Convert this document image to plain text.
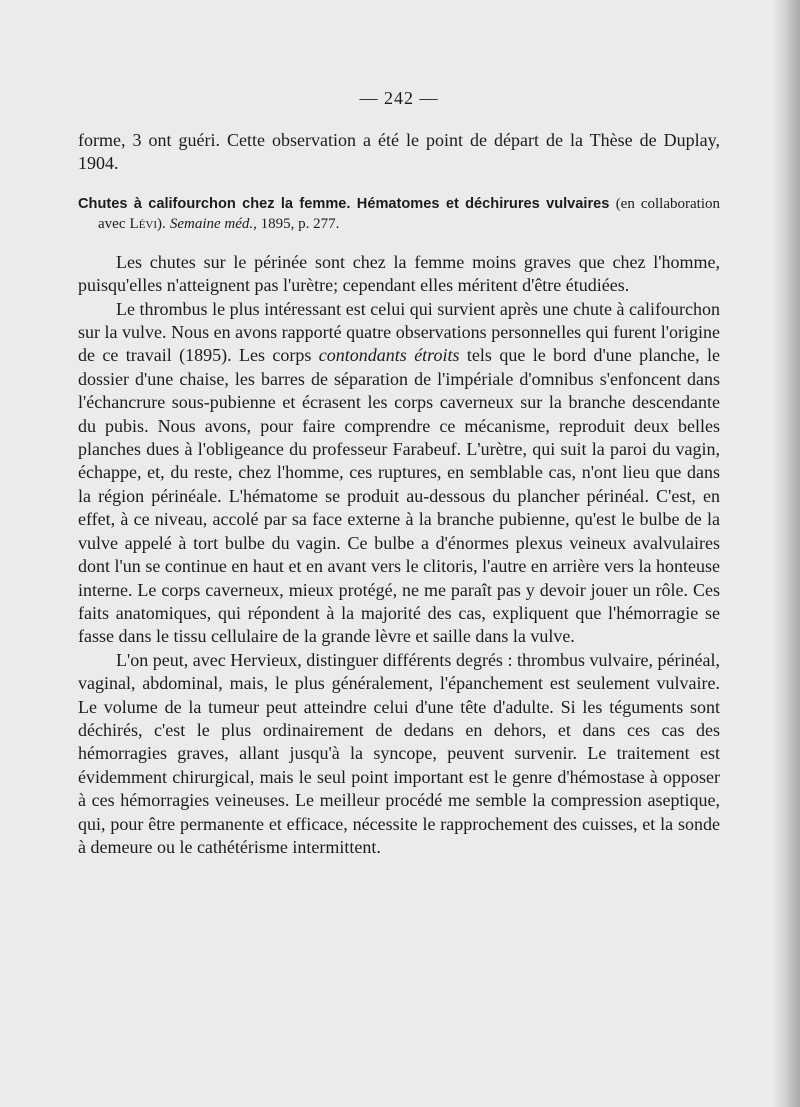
— 242 —

forme, 3 ont guéri. Cette observation a été le point de départ de la Thèse de Duplay, 1904.

Chutes à califourchon chez la femme. Hématomes et déchirures vulvaires (en collaboration avec Lévi). Semaine méd., 1895, p. 277.

Les chutes sur le périnée sont chez la femme moins graves que chez l'homme, puisqu'elles n'atteignent pas l'urètre; cependant elles méritent d'être étudiées.

Le thrombus le plus intéressant est celui qui survient après une chute à califourchon sur la vulve. Nous en avons rapporté quatre observations personnelles qui furent l'origine de ce travail (1895). Les corps contondants étroits tels que le bord d'une planche, le dossier d'une chaise, les barres de séparation de l'impériale d'omnibus s'enfoncent dans l'échancrure sous-pubienne et écrasent les corps caverneux sur la branche descendante du pubis. Nous avons, pour faire comprendre ce mécanisme, reproduit deux belles planches dues à l'obligeance du professeur Farabeuf. L'urètre, qui suit la paroi du vagin, échappe, et, du reste, chez l'homme, ces ruptures, en semblable cas, n'ont lieu que dans la région périnéale. L'hématome se produit au-dessous du plancher périnéal. C'est, en effet, à ce niveau, accolé par sa face externe à la branche pubienne, qu'est le bulbe de la vulve appelé à tort bulbe du vagin. Ce bulbe a d'énormes plexus veineux avalvulaires dont l'un se continue en haut et en avant vers le clitoris, l'autre en arrière vers la honteuse interne. Le corps caverneux, mieux protégé, ne me paraît pas y devoir jouer un rôle. Ces faits anatomiques, qui répondent à la majorité des cas, expliquent que l'hémorragie se fasse dans le tissu cellulaire de la grande lèvre et saille dans la vulve.

L'on peut, avec Hervieux, distinguer différents degrés : thrombus vulvaire, périnéal, vaginal, abdominal, mais, le plus généralement, l'épanchement est seulement vulvaire. Le volume de la tumeur peut atteindre celui d'une tête d'adulte. Si les téguments sont déchirés, c'est le plus ordinairement de dedans en dehors, et dans ces cas des hémorragies graves, allant jusqu'à la syncope, peuvent survenir. Le traitement est évidemment chirurgical, mais le seul point important est le genre d'hémostase à opposer à ces hémorragies veineuses. Le meilleur procédé me semble la compression aseptique, qui, pour être permanente et efficace, nécessite le rapprochement des cuisses, et la sonde à demeure ou le cathétérisme intermittent.
